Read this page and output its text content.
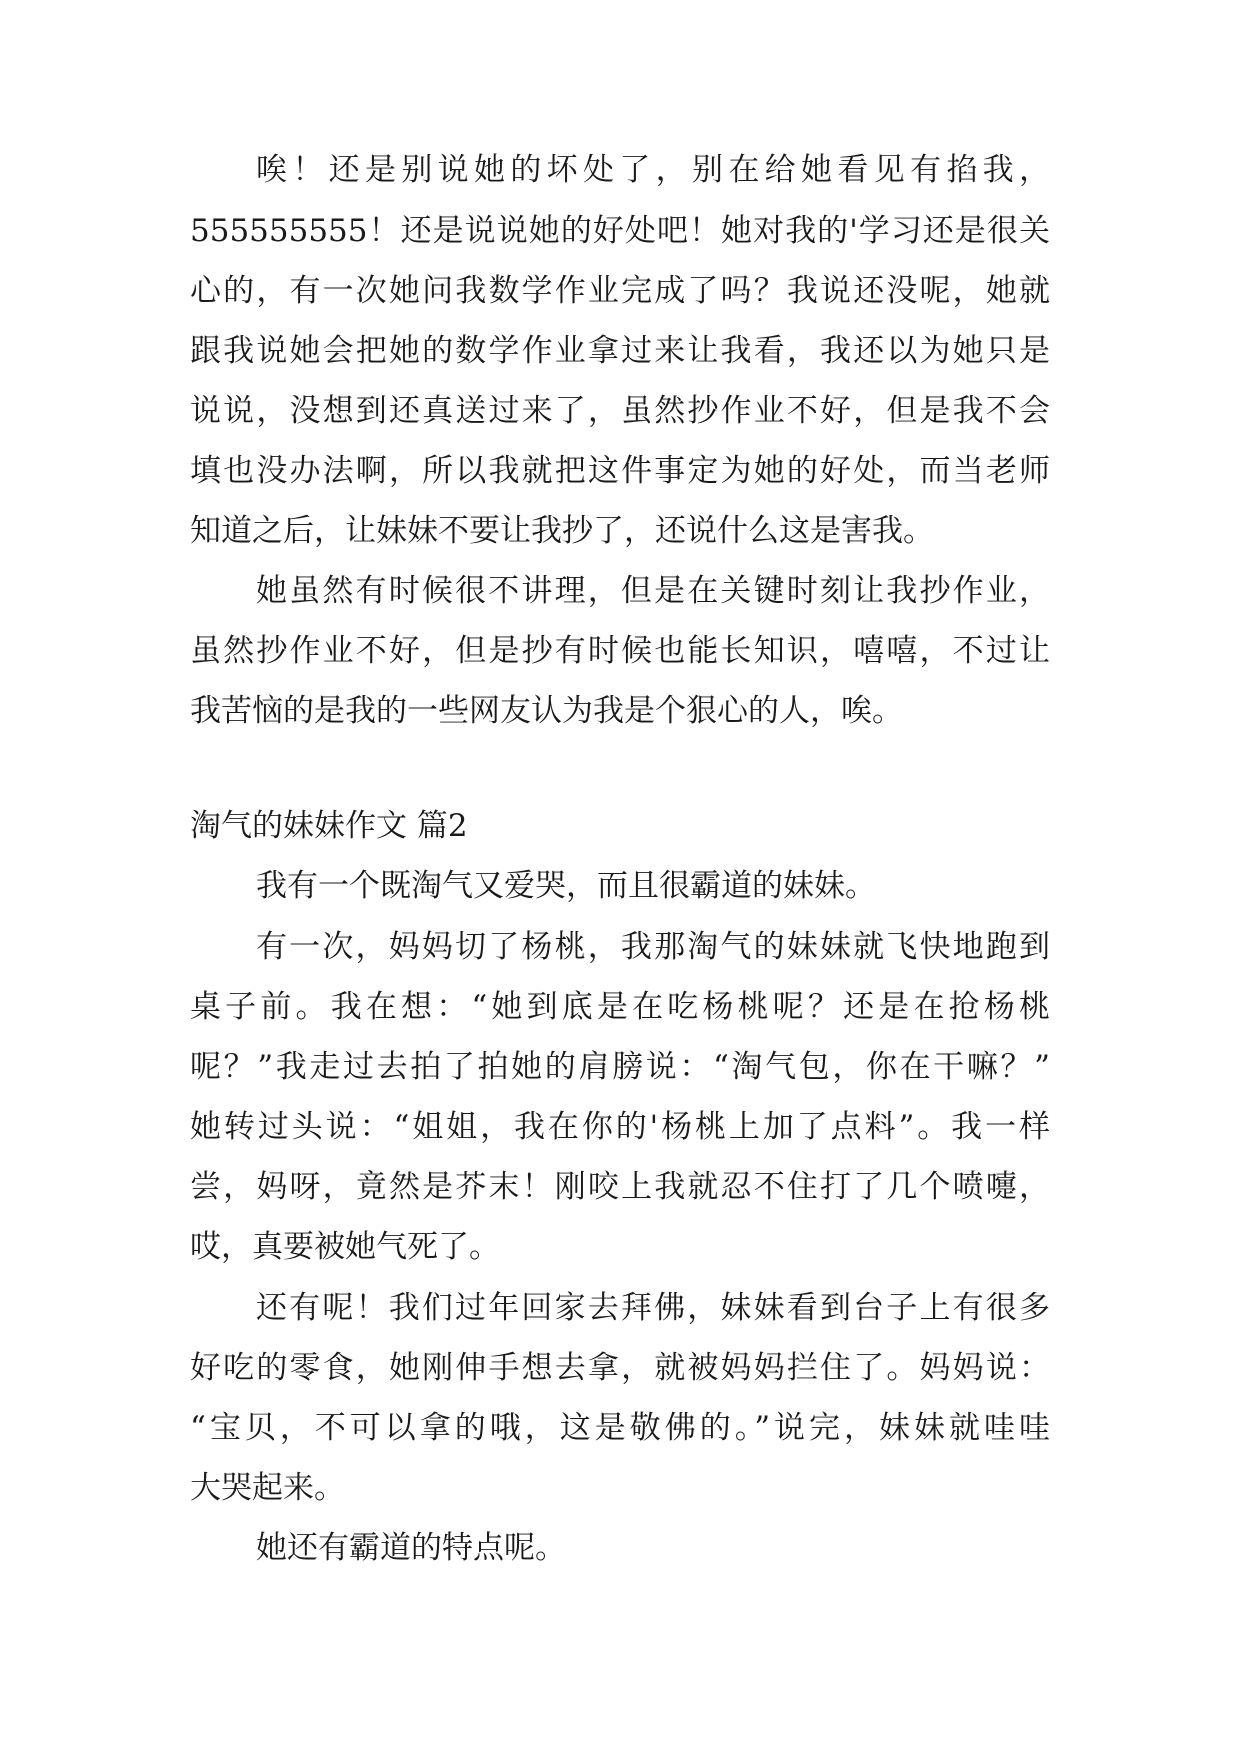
唉！还是别说她的坏处了，别在给她看见有掐我，
555555555！还是说说她的好处吧！她对我的'学习还是很关
心的，有一次她问我数学作业完成了吗？我说还没呢，她就
跟我说她会把她的数学作业拿过来让我看，我还以为她只是
说说，没想到还真送过来了，虽然抄作业不好，但是我不会
填也没办法啊，所以我就把这件事定为她的好处，而当老师
知道之后，让妹妹不要让我抄了，还说什么这是害我。
她虽然有时候很不讲理，但是在关键时刻让我抄作业，
虽然抄作业不好，但是抄有时候也能长知识，嘻嘻，不过让
我苦恼的是我的一些网友认为我是个狠心的人，唉。
淘气的妹妹作文 篇2
我有一个既淘气又爱哭，而且很霸道的妹妹。
有一次，妈妈切了杨桃，我那淘气的妹妹就飞快地跑到
桌子前。我在想：“她到底是在吃杨桃呢？还是在抢杨桃
呢？”我走过去拍了拍她的肩膀说：“淘气包，你在干嘛？”
她转过头说：“姐姐，我在你的'杨桃上加了点料”。我一样
尝，妈呀，竟然是芥末！刚咬上我就忍不住打了几个喷嚏，
哎，真要被她气死了。
还有呢！我们过年回家去拜佛，妹妹看到台子上有很多
好吃的零食，她刚伸手想去拿，就被妈妈拦住了。妈妈说：
“宝贝，不可以拿的哦，这是敬佛的。”说完，妹妹就哇哇
大哭起来。
她还有霸道的特点呢。
